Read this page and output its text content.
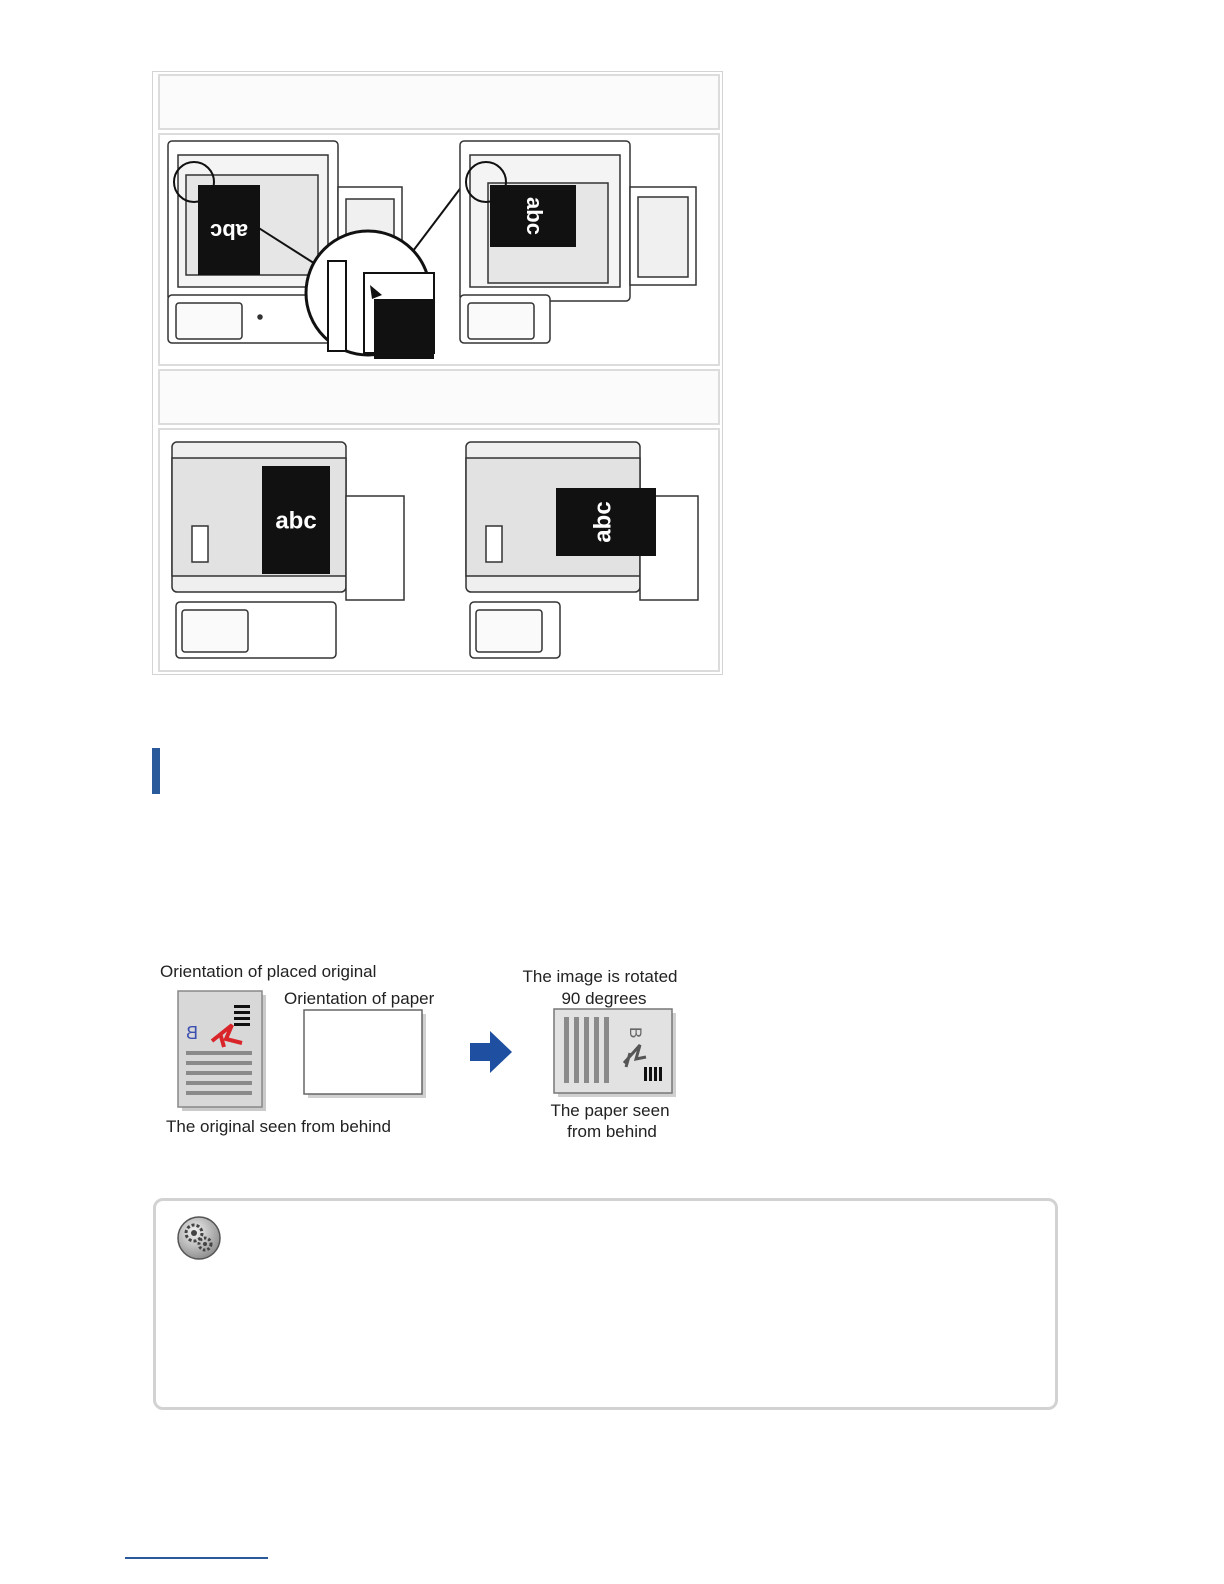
abc	abc
abc	abc
Orientation of placed original
Orientation of paper
The original seen from behind
The image is rotated
90 degrees
The paper seen
from behind
B	B
